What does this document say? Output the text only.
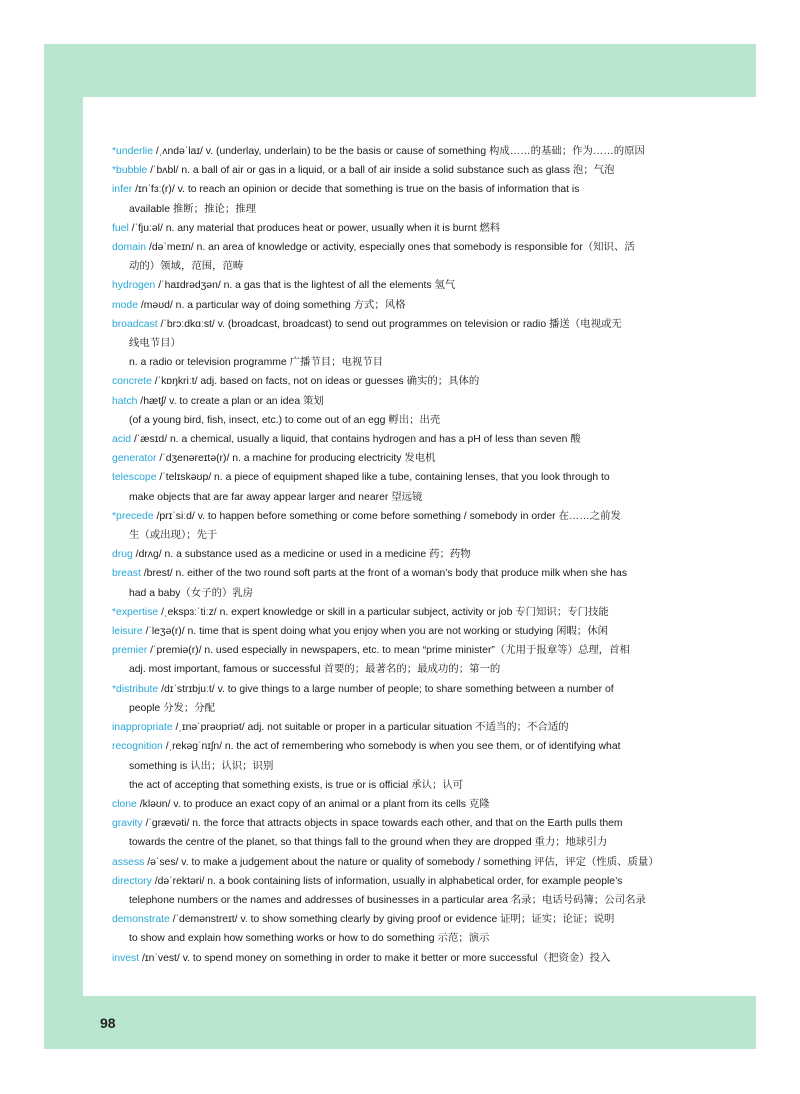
*underlie /ˌʌndəˈlaɪ/ v. (underlay, underlain) to be the basis or cause of something 构成……的基础；作为……的原因
*bubble /ˈbʌbl/ n. a ball of air or gas in a liquid, or a ball of air inside a solid substance such as glass 泡；气泡
infer /ɪnˈfɜː(r)/ v. to reach an opinion or decide that something is true on the basis of information that is
available 推断；推论；推理
fuel /ˈfjuːəl/ n. any material that produces heat or power, usually when it is burnt 燃料
domain /dəˈmeɪn/ n. an area of knowledge or activity, especially ones that somebody is responsible for（知识、活
动的）领域，范围，范畴
hydrogen /ˈhaɪdrədʒən/ n. a gas that is the lightest of all the elements 氢气
mode /məʊd/ n. a particular way of doing something 方式；风格
broadcast /ˈbrɔːdkɑːst/ v. (broadcast, broadcast) to send out programmes on television or radio 播送（电视或无
线电节目）
n. a radio or television programme 广播节目；电视节目
concrete /ˈkɒŋkriːt/ adj. based on facts, not on ideas or guesses 确实的；具体的
hatch /hætʃ/ v. to create a plan or an idea 策划
(of a young bird, fish, insect, etc.) to come out of an egg 孵出；出壳
acid /ˈæsɪd/ n. a chemical, usually a liquid, that contains hydrogen and has a pH of less than seven 酸
generator /ˈdʒenəreɪtə(r)/ n. a machine for producing electricity 发电机
telescope /ˈtelɪskəʊp/ n. a piece of equipment shaped like a tube, containing lenses, that you look through to
make objects that are far away appear larger and nearer 望远镜
*precede /prɪˈsiːd/ v. to happen before something or come before something / somebody in order 在……之前发
生（或出现）；先于
drug /drʌɡ/ n. a substance used as a medicine or used in a medicine 药；药物
breast /brest/ n. either of the two round soft parts at the front of a woman’s body that produce milk when she has
had a baby（女子的）乳房
*expertise /ˌekspɜːˈtiːz/ n. expert knowledge or skill in a particular subject, activity or job 专门知识；专门技能
leisure /ˈleʒə(r)/ n. time that is spent doing what you enjoy when you are not working or studying 闲暇；休闲
premier /ˈpremiə(r)/ n. used especially in newspapers, etc. to mean “prime minister”（尤用于报章等）总理，首相
adj. most important, famous or successful 首要的；最著名的；最成功的；第一的
*distribute /dɪˈstrɪbjuːt/ v. to give things to a large number of people; to share something between a number of
people 分发；分配
inappropriate /ˌɪnəˈprəʊpriət/ adj. not suitable or proper in a particular situation 不适当的；不合适的
recognition /ˌrekəɡˈnɪʃn/ n. the act of remembering who somebody is when you see them, or of identifying what
something is 认出；认识；识别
the act of accepting that something exists, is true or is official 承认；认可
clone /kləʊn/ v. to produce an exact copy of an animal or a plant from its cells 克隆
gravity /ˈɡrævəti/ n. the force that attracts objects in space towards each other, and that on the Earth pulls them
towards the centre of the planet, so that things fall to the ground when they are dropped 重力；地球引力
assess /əˈses/ v. to make a judgement about the nature or quality of somebody / something 评估，评定（性质、质量）
directory /dəˈrektəri/ n. a book containing lists of information, usually in alphabetical order, for example people’s
telephone numbers or the names and addresses of businesses in a particular area 名录；电话号码簿；公司名录
demonstrate /ˈdemənstreɪt/ v. to show something clearly by giving proof or evidence 证明；证实；论证；说明
to show and explain how something works or how to do something 示范；演示
invest /ɪnˈvest/ v. to spend money on something in order to make it better or more successful（把资金）投入
98
